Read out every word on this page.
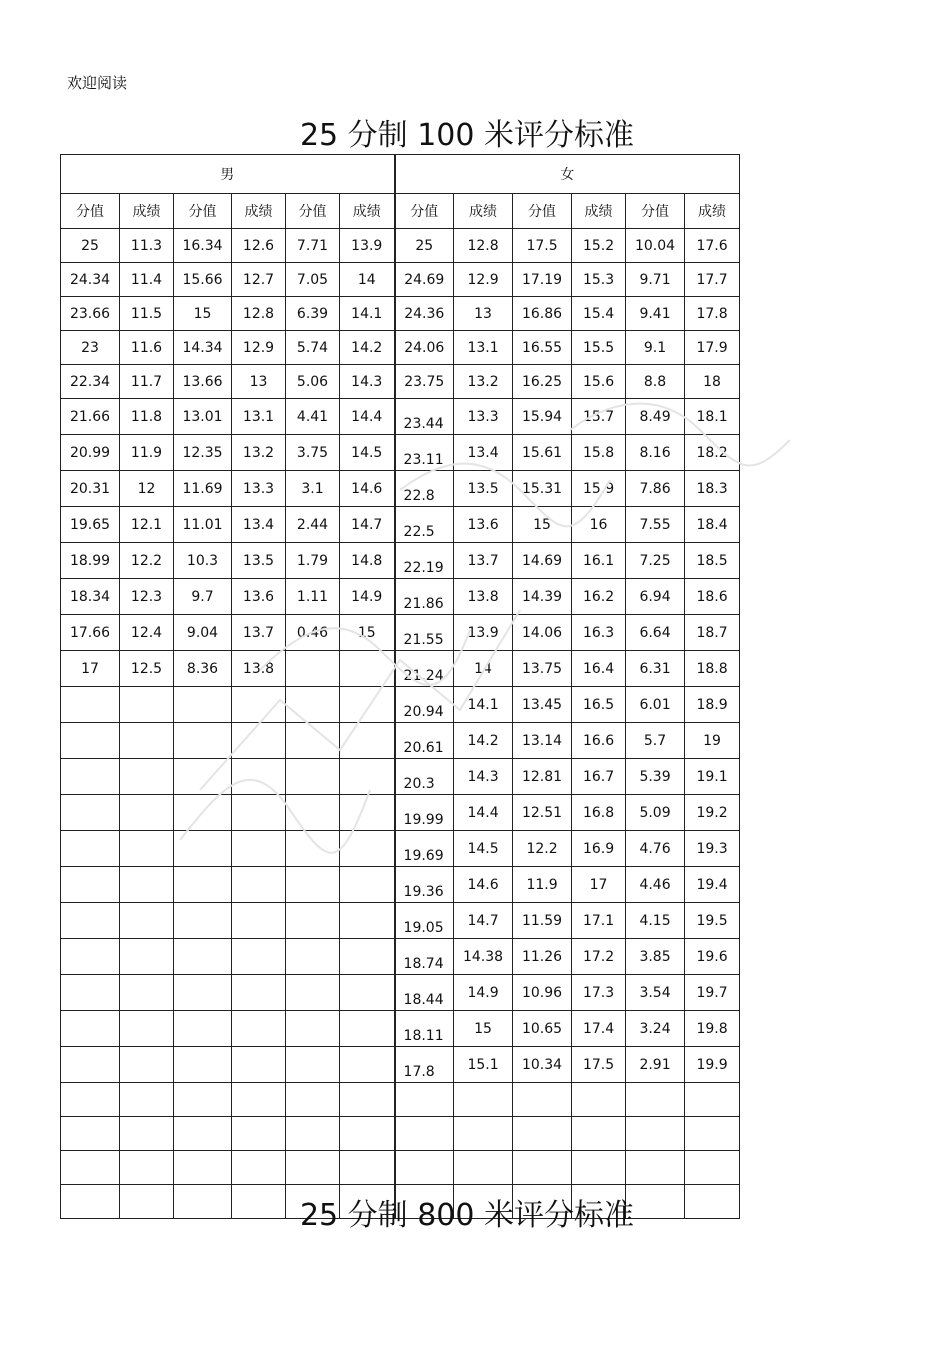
欢迎阅读
25 分制 100 米评分标准
男						女					
分值	成绩	分值	成绩	分值	成绩	分值	成绩	分值	成绩	分值	成绩
25	11.3	16.34	12.6	7.71	13.9	25	12.8	17.5	15.2	10.04	17.6
24.34	11.4	15.66	12.7	7.05	14	24.69	12.9	17.19	15.3	9.71	17.7
23.66	11.5	15	12.8	6.39	14.1	24.36	13	16.86	15.4	9.41	17.8
23	11.6	14.34	12.9	5.74	14.2	24.06	13.1	16.55	15.5	9.1	17.9
22.34	11.7	13.66	13	5.06	14.3	23.75	13.2	16.25	15.6	8.8	18
21.66	11.8	13.01	13.1	4.41	14.4	23.44	13.3	15.94	15.7	8.49	18.1
20.99	11.9	12.35	13.2	3.75	14.5	23.11	13.4	15.61	15.8	8.16	18.2
20.31	12	11.69	13.3	3.1	14.6	22.8	13.5	15.31	15.9	7.86	18.3
19.65	12.1	11.01	13.4	2.44	14.7	22.5	13.6	15	16	7.55	18.4
18.99	12.2	10.3	13.5	1.79	14.8	22.19	13.7	14.69	16.1	7.25	18.5
18.34	12.3	9.7	13.6	1.11	14.9	21.86	13.8	14.39	16.2	6.94	18.6
17.66	12.4	9.04	13.7	0.46	15	21.55	13.9	14.06	16.3	6.64	18.7
17	12.5	8.36	13.8			21.24	14	13.75	16.4	6.31	18.8
						20.94	14.1	13.45	16.5	6.01	18.9
						20.61	14.2	13.14	16.6	5.7	19
						20.3	14.3	12.81	16.7	5.39	19.1
						19.99	14.4	12.51	16.8	5.09	19.2
						19.69	14.5	12.2	16.9	4.76	19.3
						19.36	14.6	11.9	17	4.46	19.4
						19.05	14.7	11.59	17.1	4.15	19.5
						18.74	14.38	11.26	17.2	3.85	19.6
						18.44	14.9	10.96	17.3	3.54	19.7
						18.11	15	10.65	17.4	3.24	19.8
						17.8	15.1	10.34	17.5	2.91	19.9

25 分制 800 米评分标准
